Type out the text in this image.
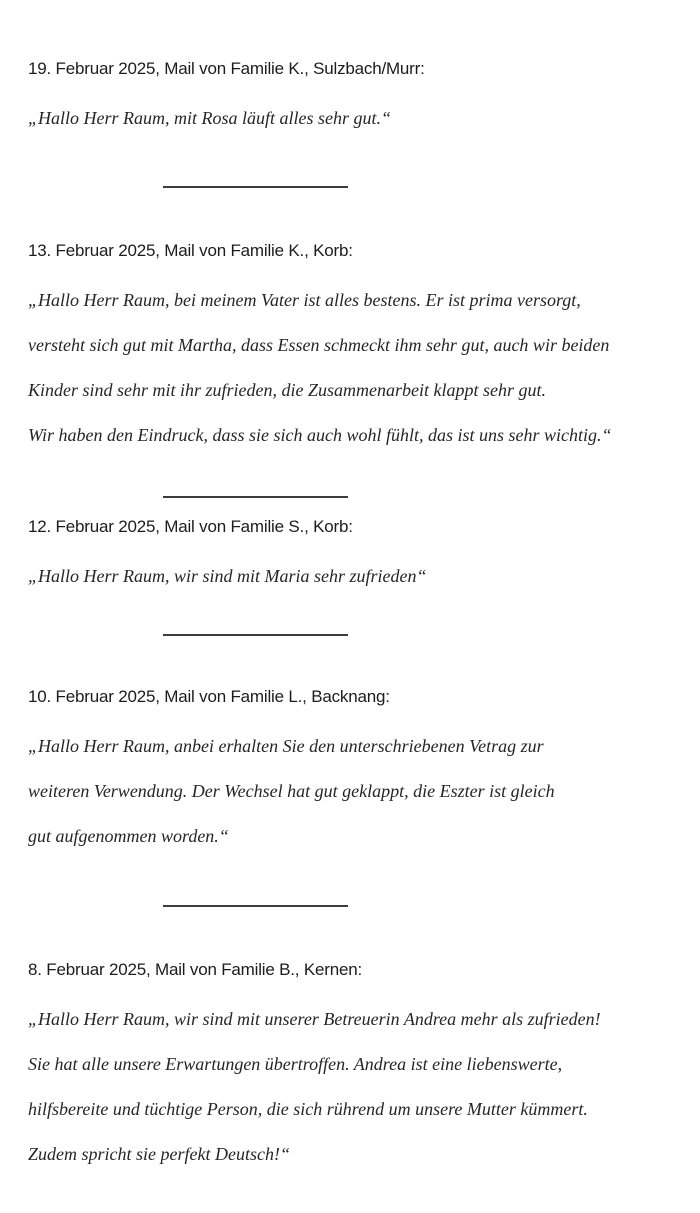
19. Februar 2025, Mail von Familie K., Sulzbach/Murr:

„Hallo Herr Raum, mit Rosa läuft alles sehr gut.“

13. Februar 2025, Mail von Familie K., Korb:

„Hallo Herr Raum, bei meinem Vater ist alles bestens. Er ist prima versorgt,
versteht sich gut mit Martha, dass Essen schmeckt ihm sehr gut, auch wir beiden
Kinder sind sehr mit ihr zufrieden, die Zusammenarbeit klappt sehr gut.
Wir haben den Eindruck, dass sie sich auch wohl fühlt, das ist uns sehr wichtig.“

12. Februar 2025, Mail von Familie S., Korb:

„Hallo Herr Raum, wir sind mit Maria sehr zufrieden“

10. Februar 2025, Mail von Familie L., Backnang:

„Hallo Herr Raum, anbei erhalten Sie den unterschriebenen Vetrag zur
weiteren Verwendung. Der Wechsel hat gut geklappt, die Eszter ist gleich
gut aufgenommen worden.“

8. Februar 2025, Mail von Familie B., Kernen:

„Hallo Herr Raum, wir sind mit unserer Betreuerin Andrea mehr als zufrieden!
Sie hat alle unsere Erwartungen übertroffen. Andrea ist eine liebenswerte,
hilfsbereite und tüchtige Person, die sich rührend um unsere Mutter kümmert.
Zudem spricht sie perfekt Deutsch!“
